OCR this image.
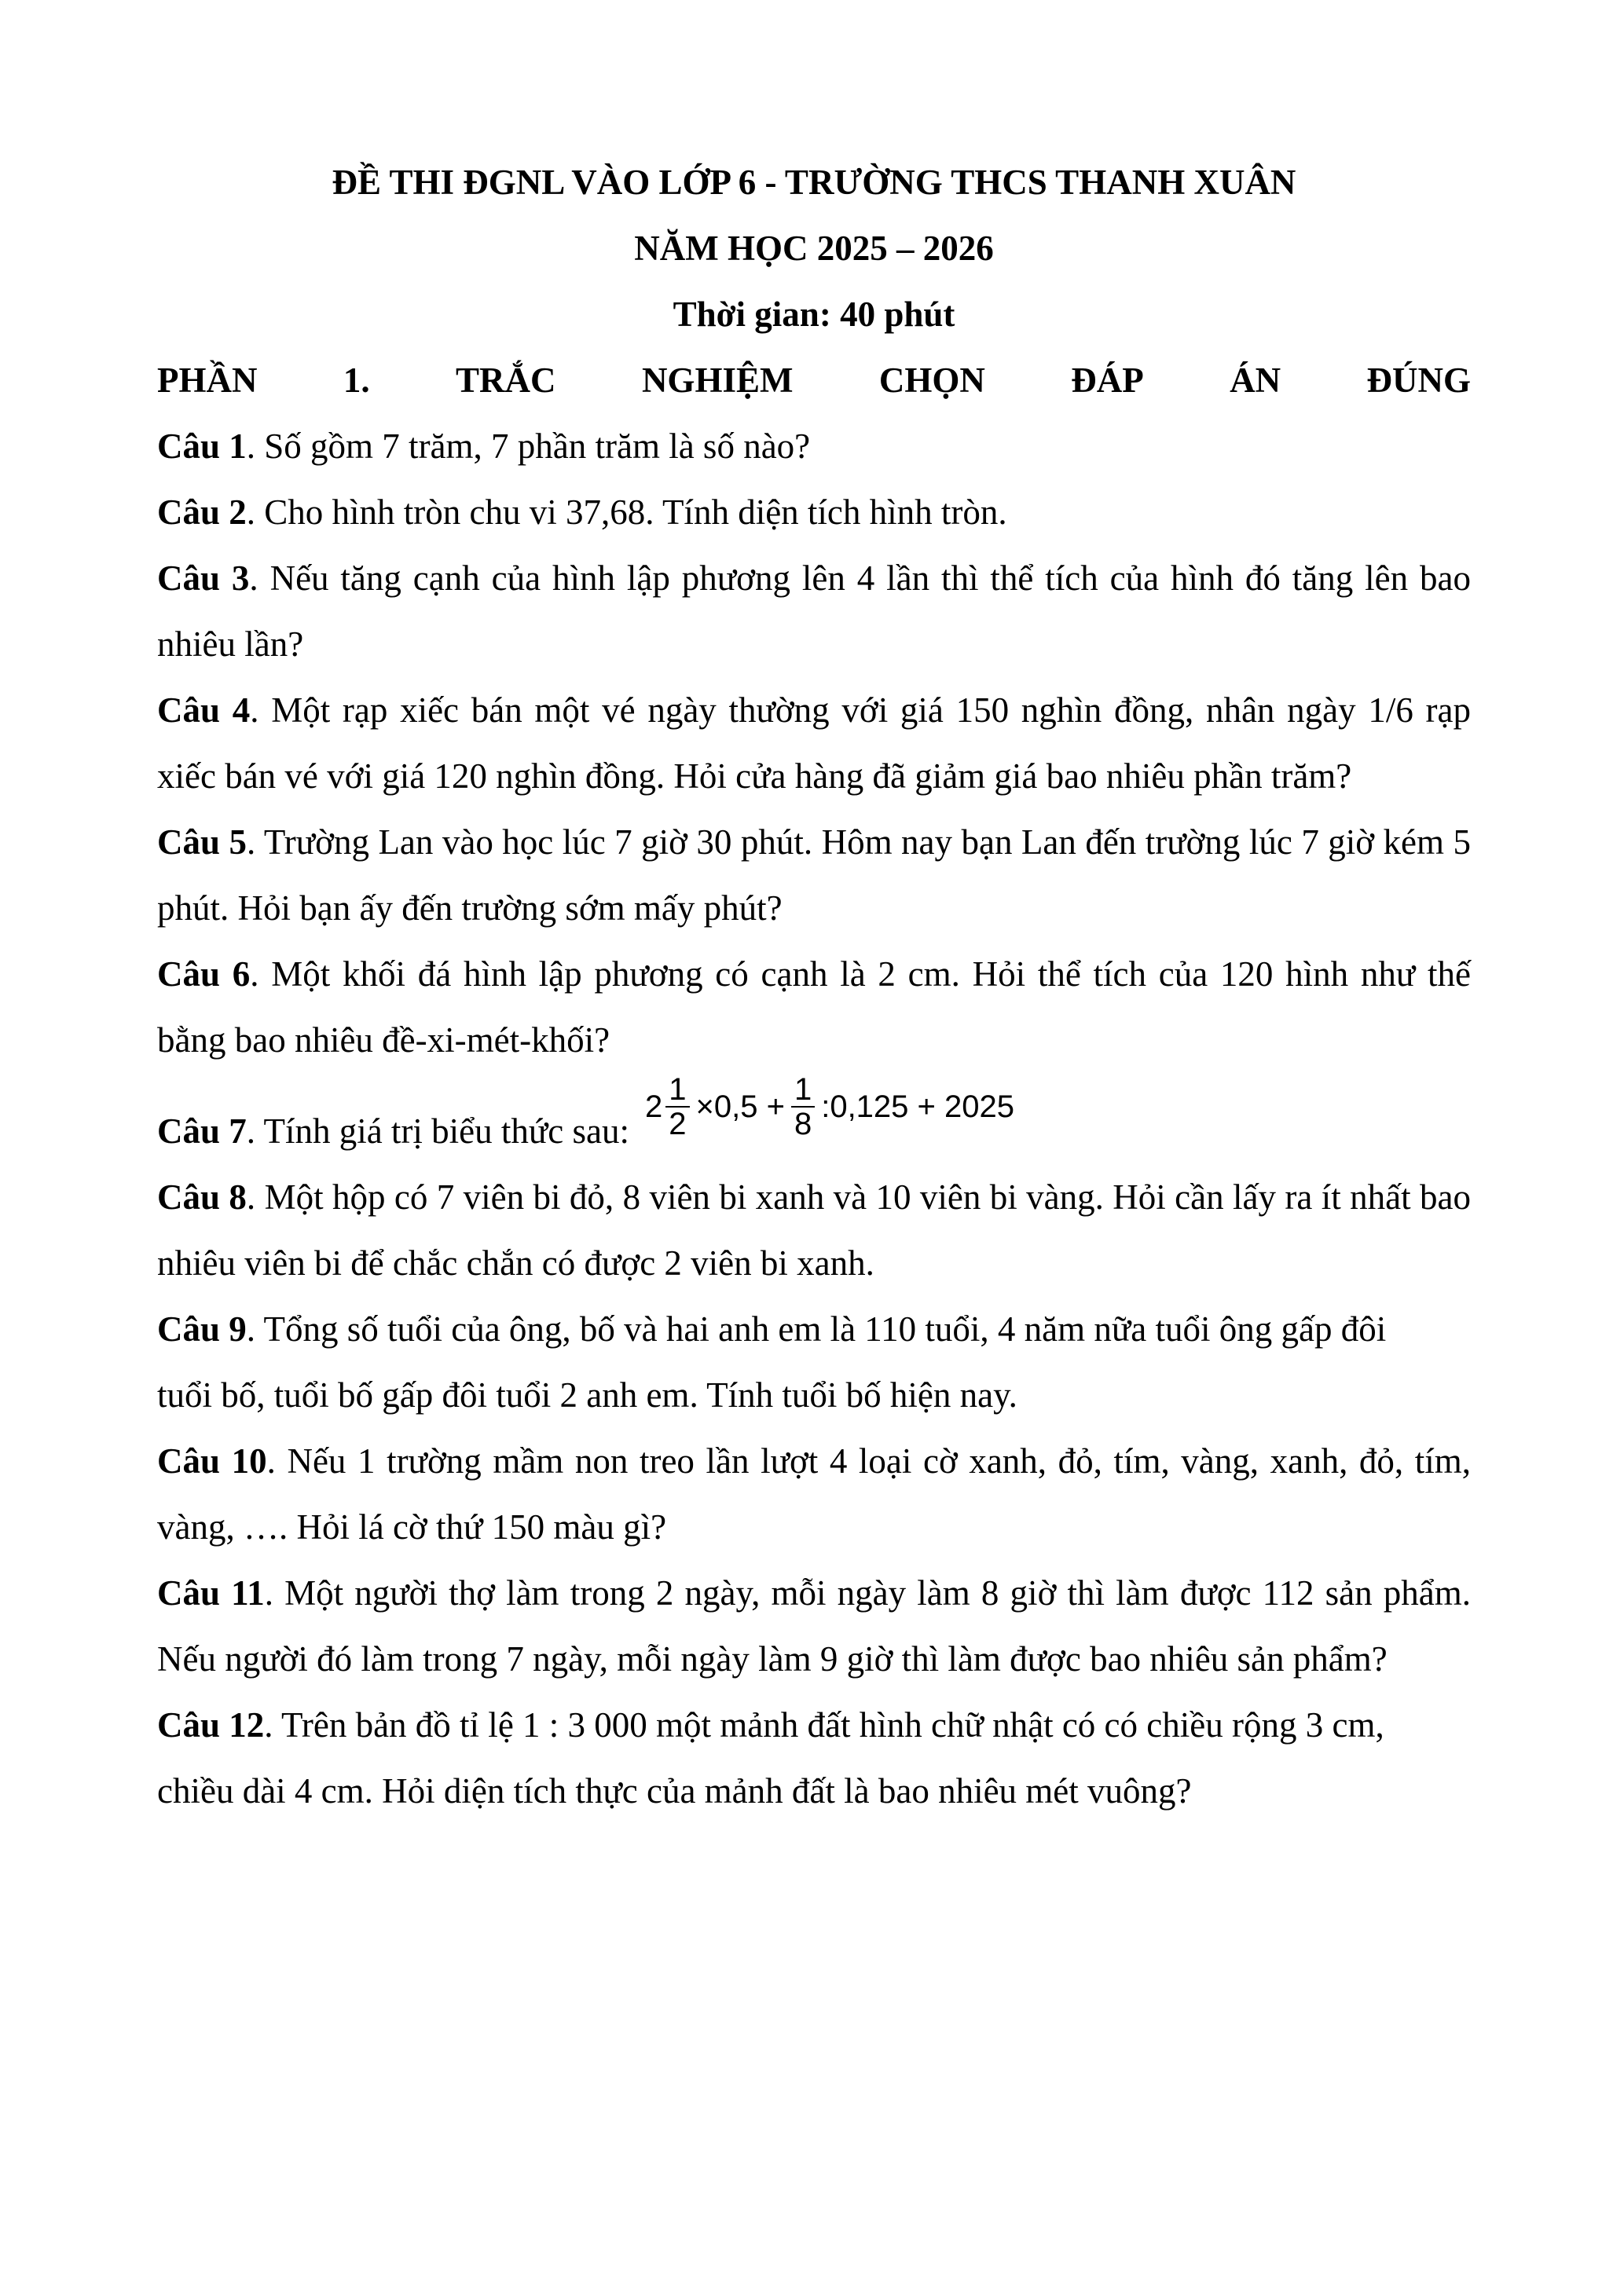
ĐỀ THI ĐGNL VÀO LỚP 6 - TRƯỜNG THCS THANH XUÂN

NĂM HỌC 2025 – 2026

Thời gian: 40 phút

PHẦN 1. TRẮC NGHIỆM CHỌN ĐÁP ÁN ĐÚNG

Câu 1. Số gồm 7 trăm, 7 phần trăm là số nào?

Câu 2. Cho hình tròn chu vi 37,68. Tính diện tích hình tròn.

Câu 3. Nếu tăng cạnh của hình lập phương lên 4 lần thì thể tích của hình đó tăng lên bao nhiêu lần?

Câu 4. Một rạp xiếc bán một vé ngày thường với giá 150 nghìn đồng, nhân ngày 1/6 rạp xiếc bán vé với giá 120 nghìn đồng. Hỏi cửa hàng đã giảm giá bao nhiêu phần trăm?

Câu 5. Trường Lan vào học lúc 7 giờ 30 phút. Hôm nay bạn Lan đến trường lúc 7 giờ kém 5 phút. Hỏi bạn ấy đến trường sớm mấy phút?

Câu 6. Một khối đá hình lập phương có cạnh là 2 cm. Hỏi thể tích của 120 hình như thế bằng bao nhiêu đề-xi-mét-khối?

Câu 7. Tính giá trị biểu thức sau:
$2 \frac{1}{2} \times 0,5 + \frac{1}{8}$ :0,125 + 2025

Câu 8. Một hộp có 7 viên bi đỏ, 8 viên bi xanh và 10 viên bi vàng. Hỏi cần lấy ra ít nhất bao nhiêu viên bi để chắc chắn có được 2 viên bi xanh.

Câu 9. Tổng số tuổi của ông, bố và hai anh em là 110 tuổi, 4 năm nữa tuổi ông gấp đôi

tuổi bố, tuổi bố gấp đôi tuổi 2 anh em. Tính tuổi bố hiện nay.

Câu 10. Nếu 1 trường mầm non treo lần lượt 4 loại cờ xanh, đỏ, tím, vàng, xanh, đỏ, tím, vàng, …. Hỏi lá cờ thứ 150 màu gì?

Câu 11. Một người thợ làm trong 2 ngày, mỗi ngày làm 8 giờ thì làm được 112 sản phẩm. Nếu người đó làm trong 7 ngày, mỗi ngày làm 9 giờ thì làm được bao nhiêu sản phẩm?

Câu 12. Trên bản đồ tỉ lệ 1 : 3 000 một mảnh đất hình chữ nhật có có chiều rộng 3 cm,

chiều dài 4 cm. Hỏi diện tích thực của mảnh đất là bao nhiêu mét vuông?
